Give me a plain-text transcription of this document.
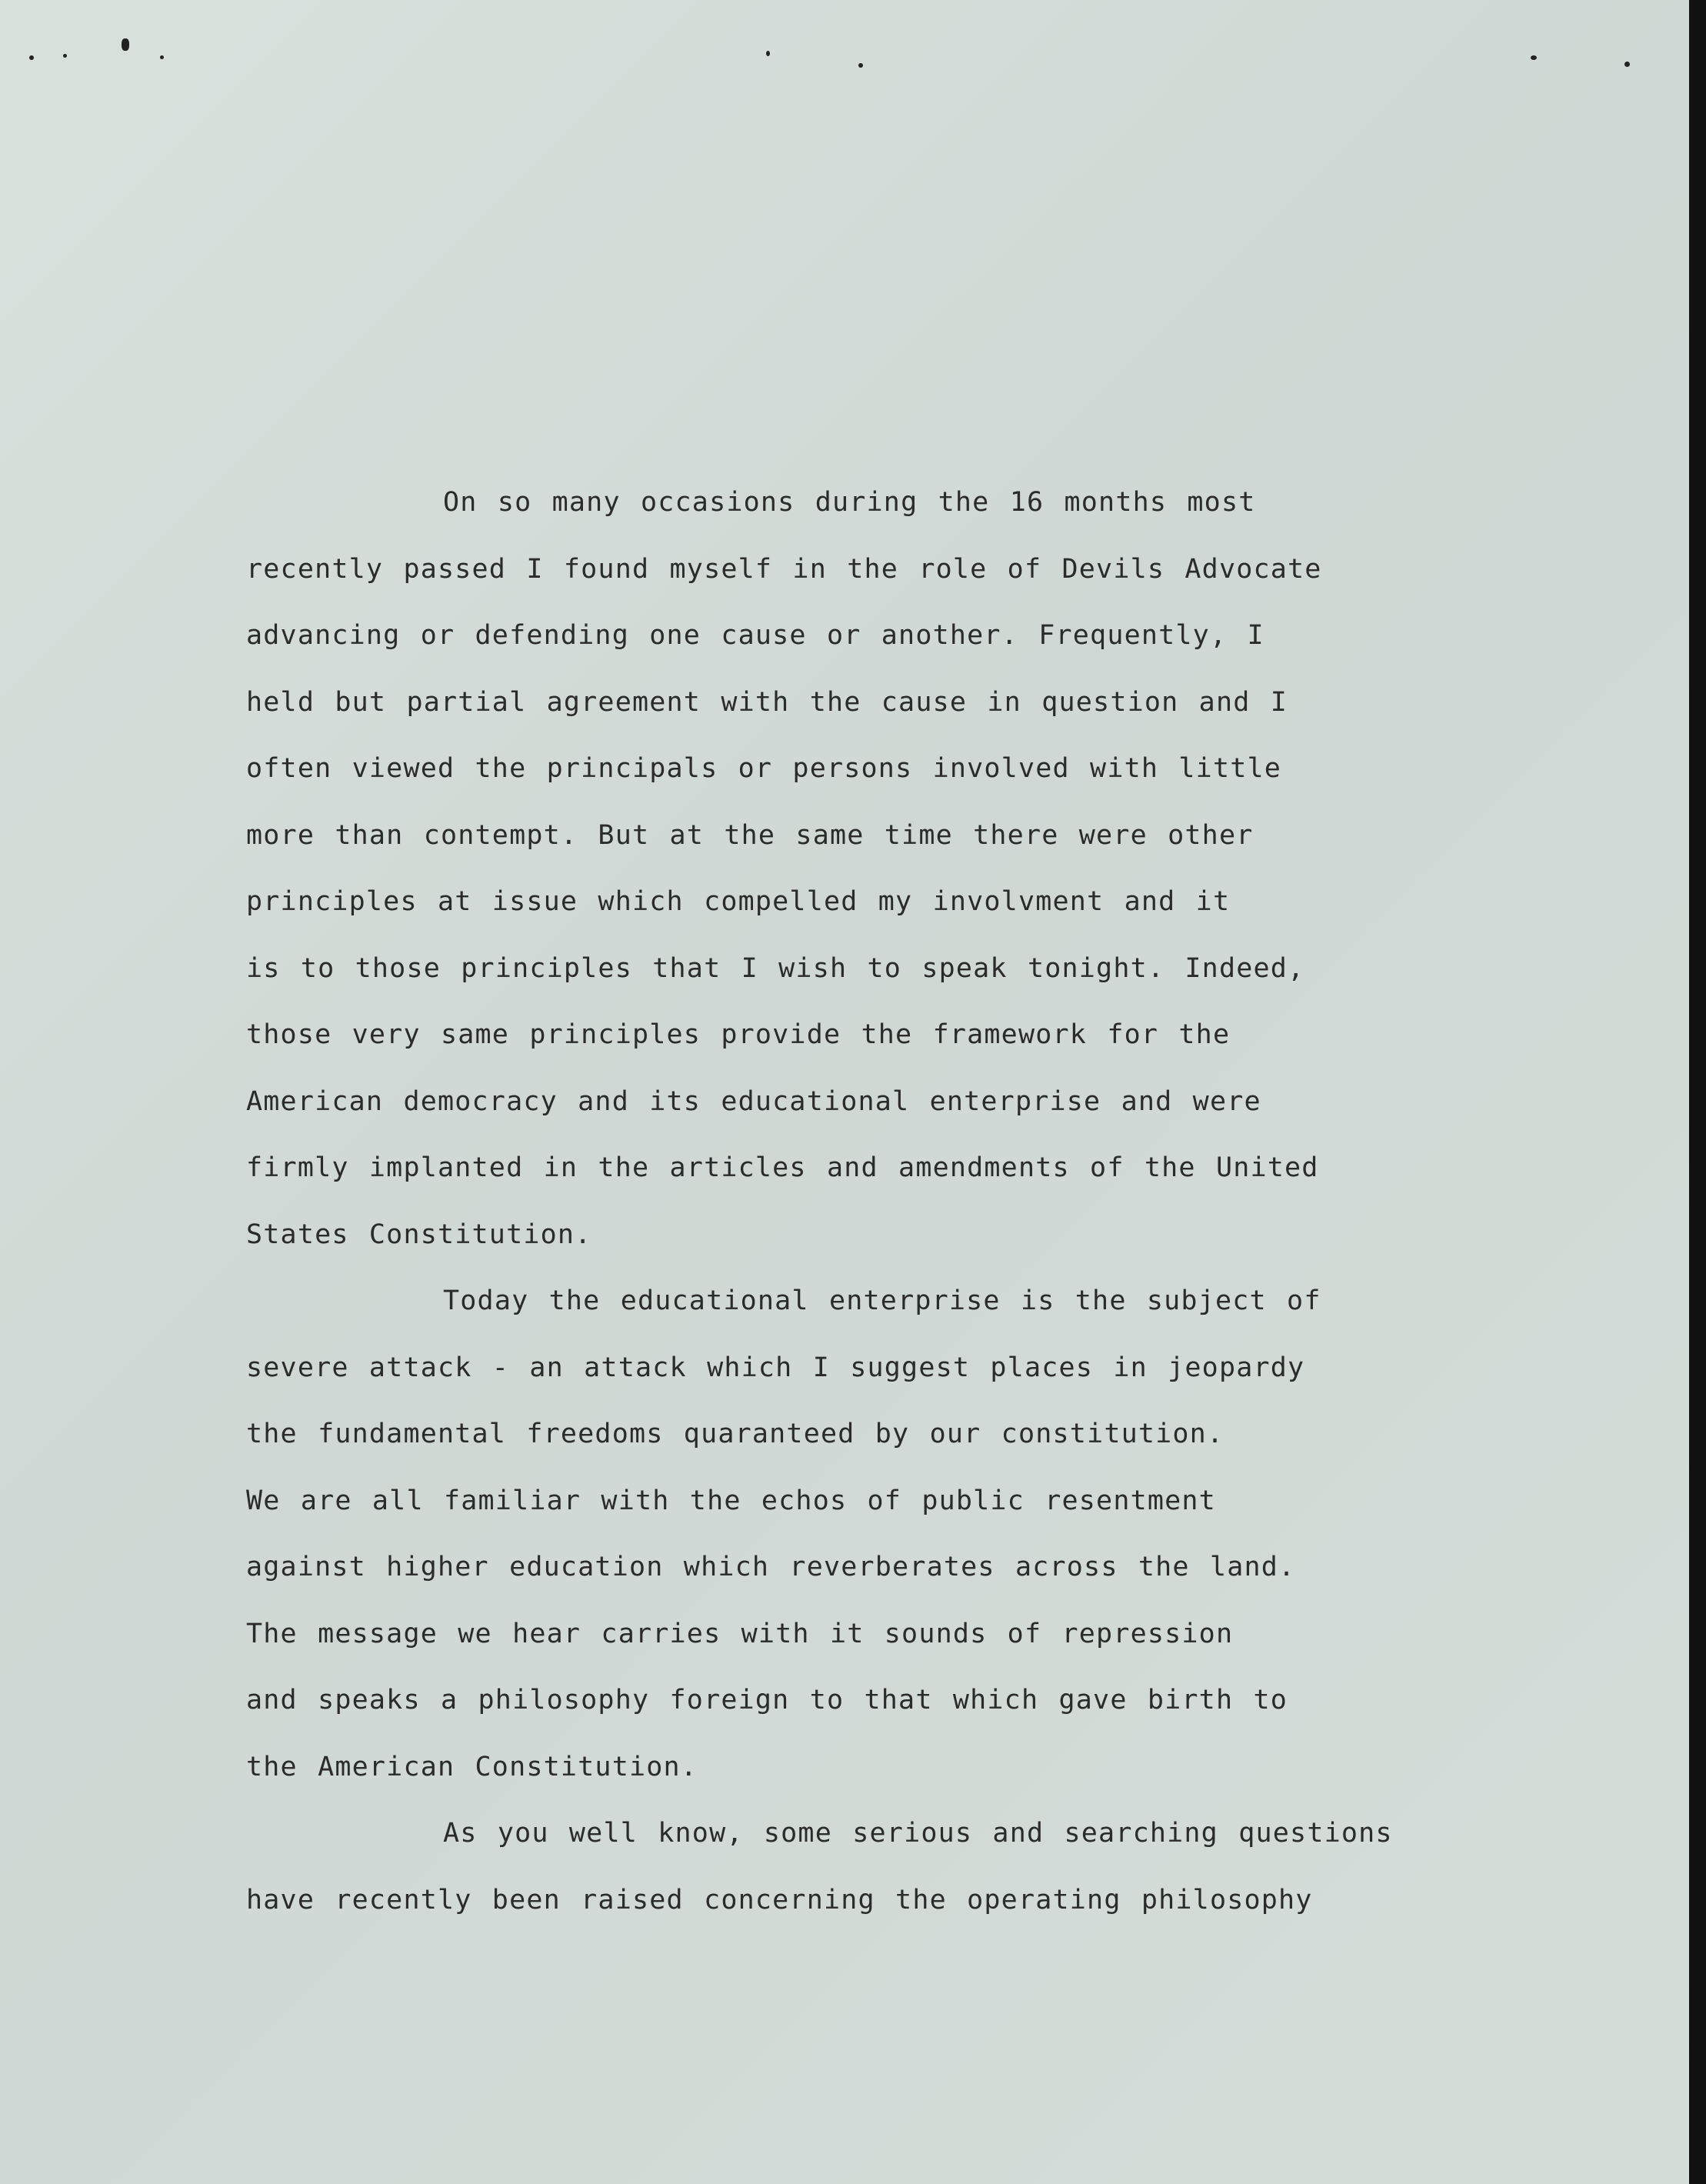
On so many occasions during the 16 months most
recently passed I found myself in the role of Devils Advocate
advancing or defending one cause or another. Frequently, I
held but partial agreement with the cause in question and I
often viewed the principals or persons involved with little
more than contempt. But at the same time there were other
principles at issue which compelled my involvment and it
is to those principles that I wish to speak tonight. Indeed,
those very same principles provide the framework for the
American democracy and its educational enterprise and were
firmly implanted in the articles and amendments of the United
States Constitution.
Today the educational enterprise is the subject of
severe attack - an attack which I suggest places in jeopardy
the fundamental freedoms quaranteed by our constitution.
We are all familiar with the echos of public resentment
against higher education which reverberates across the land.
The message we hear carries with it sounds of repression
and speaks a philosophy foreign to that which gave birth to
the American Constitution.
As you well know, some serious and searching questions
have recently been raised concerning the operating philosophy
